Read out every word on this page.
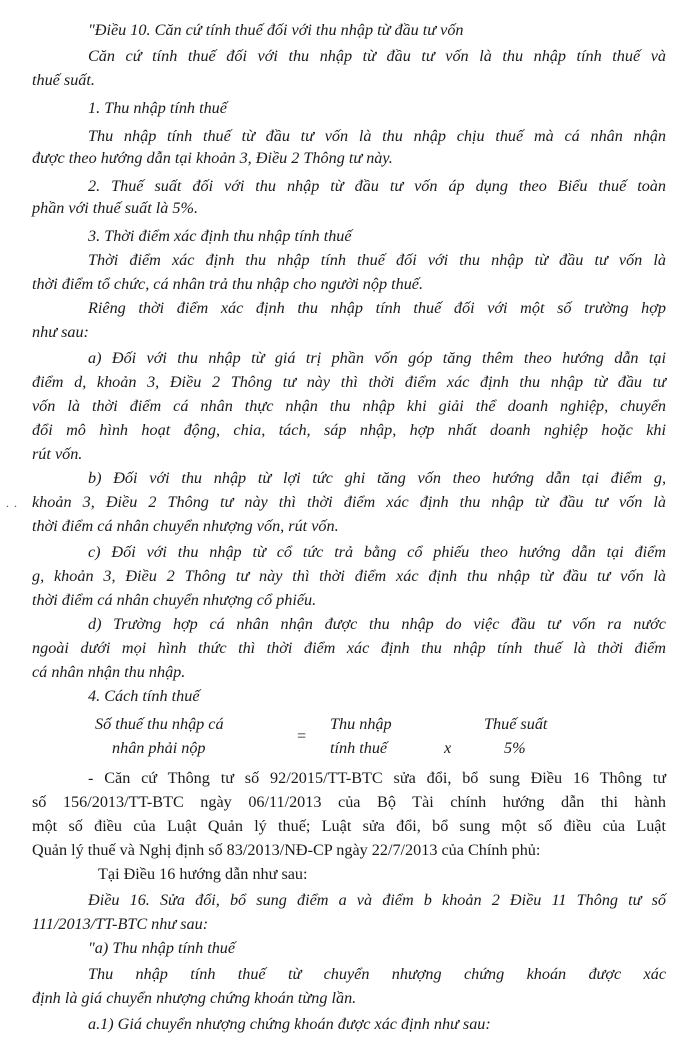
"Điều 10. Căn cứ tính thuế đối với thu nhập từ đầu tư vốn
Căn cứ tính thuế đối với thu nhập từ đầu tư vốn là thu nhập tính thuế và
thuế suất.
1. Thu nhập tính thuế
Thu nhập tính thuế từ đầu tư vốn là thu nhập chịu thuế mà cá nhân nhận
được theo hướng dẫn tại khoản 3, Điều 2 Thông tư này.
2. Thuế suất đối với thu nhập từ đầu tư vốn áp dụng theo Biểu thuế toàn
phần với thuế suất là 5%.
3. Thời điểm xác định thu nhập tính thuế
Thời điểm xác định thu nhập tính thuế đối với thu nhập từ đầu tư vốn là
thời điểm tổ chức, cá nhân trả thu nhập cho người nộp thuế.
Riêng thời điểm xác định thu nhập tính thuế đối với một số trường hợp
như sau:
a) Đối với thu nhập từ giá trị phần vốn góp tăng thêm theo hướng dẫn tại
điểm d, khoản 3, Điều 2 Thông tư này thì thời điểm xác định thu nhập từ đầu tư
vốn là thời điểm cá nhân thực nhận thu nhập khi giải thể doanh nghiệp, chuyển
đổi mô hình hoạt động, chia, tách, sáp nhập, hợp nhất doanh nghiệp hoặc khi
rút vốn.
b) Đối với thu nhập từ lợi tức ghi tăng vốn theo hướng dẫn tại điểm g,
khoản 3, Điều 2 Thông tư này thì thời điểm xác định thu nhập từ đầu tư vốn là
thời điểm cá nhân chuyển nhượng vốn, rút vốn.
c) Đối với thu nhập từ cổ tức trả bằng cổ phiếu theo hướng dẫn tại điểm
g, khoản 3, Điều 2 Thông tư này thì thời điểm xác định thu nhập từ đầu tư vốn là
thời điểm cá nhân chuyển nhượng cổ phiếu.
d) Trường hợp cá nhân nhận được thu nhập do việc đầu tư vốn ra nước
ngoài dưới mọi hình thức thì thời điểm xác định thu nhập tính thuế là thời điểm
cá nhân nhận thu nhập.
4. Cách tính thuế
. .
Số thuế thu nhập cá
nhân phải nộp
=
Thu nhập
tính thuế	x
Thuế suất
5%
- Căn cứ Thông tư số 92/2015/TT-BTC sửa đổi, bổ sung Điều 16 Thông tư
số 156/2013/TT-BTC ngày 06/11/2013 của Bộ Tài chính hướng dẫn thi hành
một số điều của Luật Quản lý thuế; Luật sửa đổi, bổ sung một số điều của Luật
Quản lý thuế và Nghị định số 83/2013/NĐ-CP ngày 22/7/2013 của Chính phủ:
Tại Điều 16 hướng dẫn như sau:
Điều 16. Sửa đổi, bổ sung điểm a và điểm b khoản 2 Điều 11 Thông tư số
111/2013/TT-BTC như sau:
"a) Thu nhập tính thuế
Thu nhập tính thuế từ chuyển nhượng chứng khoán được xác
định là giá chuyển nhượng chứng khoán từng lần.
a.1) Giá chuyển nhượng chứng khoán được xác định như sau:
